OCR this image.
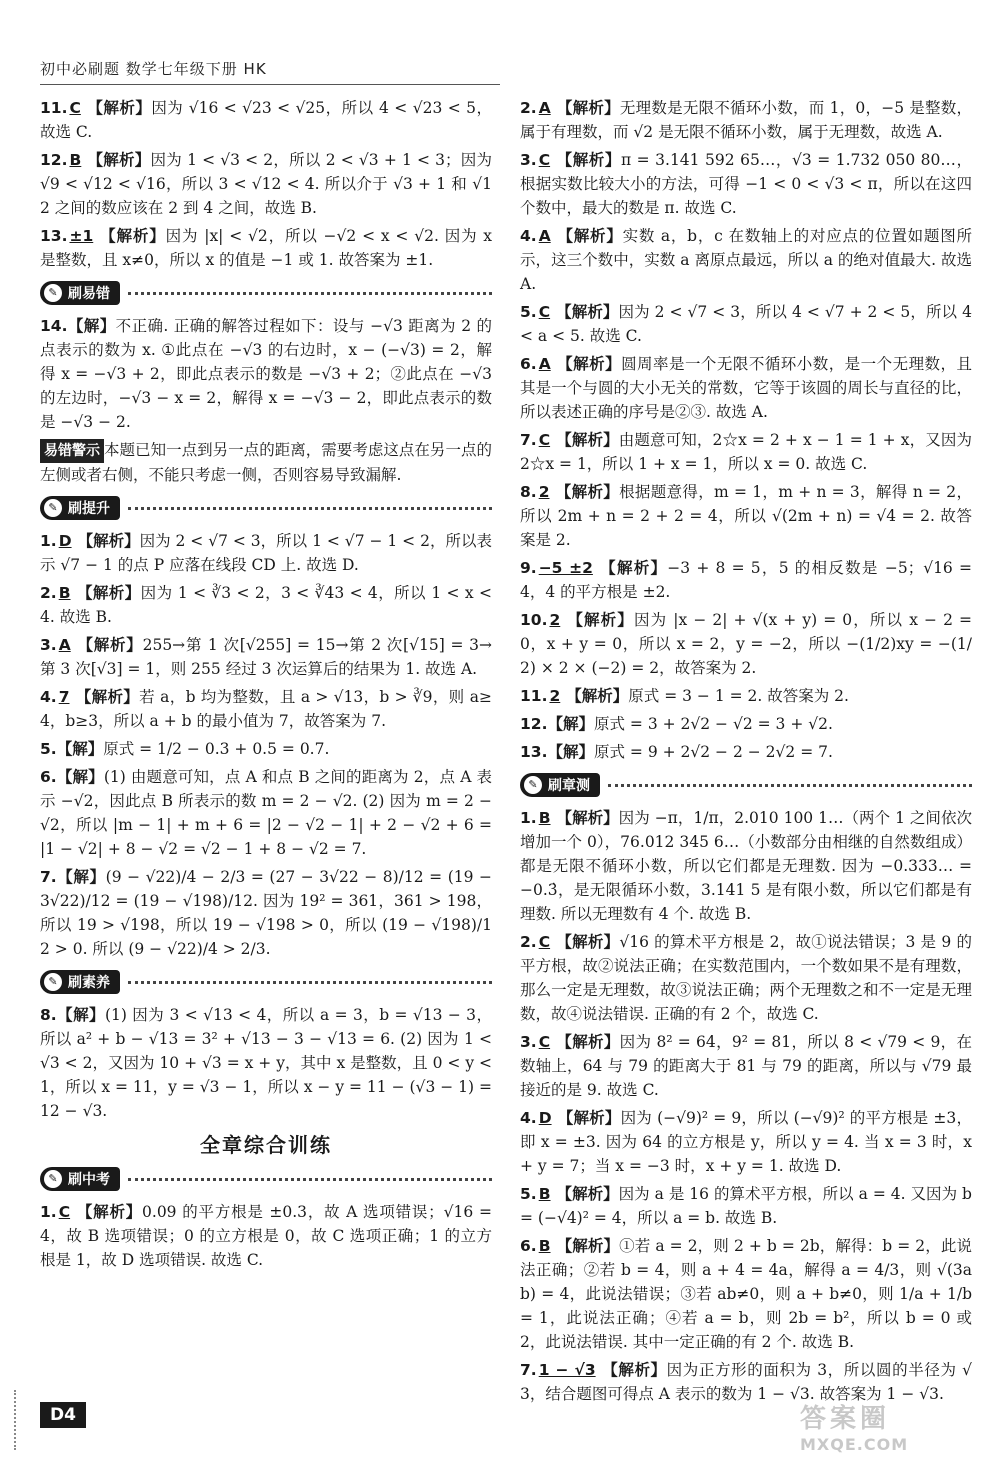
初中必刷题 数学七年级下册 HK

11. C 【解析】因为 √16 < √23 < √25，所以 4 < √23 < 5，故选 C.

12. B 【解析】因为 1 < √3 < 2，所以 2 < √3 + 1 < 3；因为 √9 < √12 < √16，所以 3 < √12 < 4. 所以介于 √3 + 1 和 √12 之间的数应该在 2 到 4 之间，故选 B.

13. ±1 【解析】因为 |x| < √2，所以 −√2 < x < √2. 因为 x 是整数，且 x≠0，所以 x 的值是 −1 或 1. 故答案为 ±1.

✎ 刷易错

14.【解】不正确. 正确的解答过程如下：设与 −√3 距离为 2 的点表示的数为 x. ①此点在 −√3 的右边时，x − (−√3) = 2，解得 x = −√3 + 2，即此点表示的数是 −√3 + 2；②此点在 −√3 的左边时，−√3 − x = 2，解得 x = −√3 − 2，即此点表示的数是 −√3 − 2.

易错警示 本题已知一点到另一点的距离，需要考虑这点在另一点的左侧或者右侧，不能只考虑一侧，否则容易导致漏解.

✎ 刷提升

1. D 【解析】因为 2 < √7 < 3，所以 1 < √7 − 1 < 2，所以表示 √7 − 1 的点 P 应落在线段 CD 上. 故选 D.

2. B 【解析】因为 1 < ∛3 < 2，3 < ∛43 < 4，所以 1 < x < 4. 故选 B.

3. A 【解析】255→第 1 次[√255] = 15→第 2 次[√15] = 3→第 3 次[√3] = 1，则 255 经过 3 次运算后的结果为 1. 故选 A.

4. 7 【解析】若 a，b 均为整数，且 a > √13，b > ∛9，则 a≥4，b≥3，所以 a + b 的最小值为 7，故答案为 7.

5.【解】原式 = 1/2 − 0.3 + 0.5 = 0.7.

6.【解】(1) 由题意可知，点 A 和点 B 之间的距离为 2，点 A 表示 −√2，因此点 B 所表示的数 m = 2 − √2. (2) 因为 m = 2 − √2，所以 |m − 1| + m + 6 = |2 − √2 − 1| + 2 − √2 + 6 = |1 − √2| + 8 − √2 = √2 − 1 + 8 − √2 = 7.

7.【解】(9 − √22)/4 − 2/3 = (27 − 3√22 − 8)/12 = (19 − 3√22)/12 = (19 − √198)/12. 因为 19² = 361，361 > 198，所以 19 > √198，所以 19 − √198 > 0，所以 (19 − √198)/12 > 0. 所以 (9 − √22)/4 > 2/3.

✎ 刷素养

8.【解】(1) 因为 3 < √13 < 4，所以 a = 3，b = √13 − 3，所以 a² + b − √13 = 3² + √13 − 3 − √13 = 6. (2) 因为 1 < √3 < 2，又因为 10 + √3 = x + y，其中 x 是整数，且 0 < y < 1，所以 x = 11，y = √3 − 1，所以 x − y = 11 − (√3 − 1) = 12 − √3.

全章综合训练
✎ 刷中考

1. C 【解析】0.09 的平方根是 ±0.3，故 A 选项错误；√16 = 4，故 B 选项错误；0 的立方根是 0，故 C 选项正确；1 的立方根是 1，故 D 选项错误. 故选 C.

2. A 【解析】无理数是无限不循环小数，而 1，0，−5 是整数，属于有理数，而 √2 是无限不循环小数，属于无理数，故选 A.

3. C 【解析】π = 3.141 592 65…，√3 = 1.732 050 80…，根据实数比较大小的方法，可得 −1 < 0 < √3 < π，所以在这四个数中，最大的数是 π. 故选 C.

4. A 【解析】实数 a，b，c 在数轴上的对应点的位置如题图所示，这三个数中，实数 a 离原点最远，所以 a 的绝对值最大. 故选 A.

5. C 【解析】因为 2 < √7 < 3，所以 4 < √7 + 2 < 5，所以 4 < a < 5. 故选 C.

6. A 【解析】圆周率是一个无限不循环小数，是一个无理数，且其是一个与圆的大小无关的常数，它等于该圆的周长与直径的比，所以表述正确的序号是②③. 故选 A.

7. C 【解析】由题意可知，2☆x = 2 + x − 1 = 1 + x，又因为 2☆x = 1，所以 1 + x = 1，所以 x = 0. 故选 C.

8. 2 【解析】根据题意得，m = 1，m + n = 3，解得 n = 2，所以 2m + n = 2 + 2 = 4，所以 √(2m + n) = √4 = 2. 故答案是 2.

9. −5 ±2 【解析】−3 + 8 = 5，5 的相反数是 −5；√16 = 4，4 的平方根是 ±2.

10. 2 【解析】因为 |x − 2| + √(x + y) = 0，所以 x − 2 = 0，x + y = 0，所以 x = 2，y = −2，所以 −(1/2)xy = −(1/2) × 2 × (−2) = 2，故答案为 2.

11. 2 【解析】原式 = 3 − 1 = 2. 故答案为 2.

12.【解】原式 = 3 + 2√2 − √2 = 3 + √2.

13.【解】原式 = 9 + 2√2 − 2 − 2√2 = 7.

✎ 刷章测

1. B 【解析】因为 −π，1/π，2.010 100 1…（两个 1 之间依次增加一个 0），76.012 345 6…（小数部分由相继的自然数组成）都是无限不循环小数，所以它们都是无理数. 因为 −0.333… = −0.3̇，是无限循环小数，3.141 5 是有限小数，所以它们都是有理数. 所以无理数有 4 个. 故选 B.

2. C 【解析】√16 的算术平方根是 2，故①说法错误；3 是 9 的平方根，故②说法正确；在实数范围内，一个数如果不是有理数，那么一定是无理数，故③说法正确；两个无理数之和不一定是无理数，故④说法错误. 正确的有 2 个，故选 C.

3. C 【解析】因为 8² = 64，9² = 81，所以 8 < √79 < 9，在数轴上，64 与 79 的距离大于 81 与 79 的距离，所以与 √79 最接近的是 9. 故选 C.

4. D 【解析】因为 (−√9)² = 9，所以 (−√9)² 的平方根是 ±3，即 x = ±3. 因为 64 的立方根是 y，所以 y = 4. 当 x = 3 时，x + y = 7；当 x = −3 时，x + y = 1. 故选 D.

5. B 【解析】因为 a 是 16 的算术平方根，所以 a = 4. 又因为 b = (−√4)² = 4，所以 a = b. 故选 B.

6. B 【解析】①若 a = 2，则 2 + b = 2b，解得：b = 2，此说法正确；②若 b = 4，则 a + 4 = 4a，解得 a = 4/3，则 √(3ab) = 4，此说法错误；③若 ab≠0，则 a + b≠0，则 1/a + 1/b = 1，此说法正确；④若 a = b，则 2b = b²，所以 b = 0 或 2，此说法错误. 其中一定正确的有 2 个. 故选 B.

7. 1 − √3 【解析】因为正方形的面积为 3，所以圆的半径为 √3，结合题图可得点 A 表示的数为 1 − √3. 故答案为 1 − √3.

D4	答案圈
MXQE.COM
